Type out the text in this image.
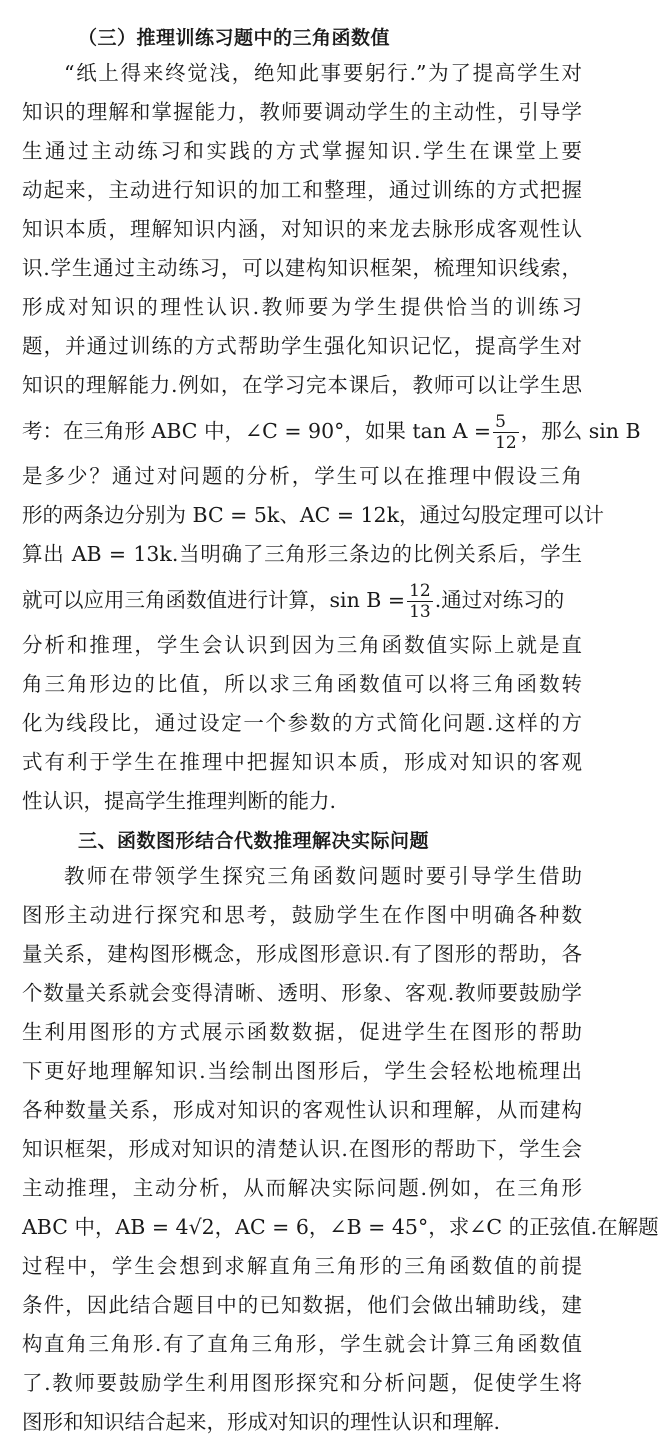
（三）推理训练习题中的三角函数值
“纸上得来终觉浅，绝知此事要躬行.”为了提高学生对
知识的理解和掌握能力，教师要调动学生的主动性，引导学
生通过主动练习和实践的方式掌握知识.学生在课堂上要
动起来，主动进行知识的加工和整理，通过训练的方式把握
知识本质，理解知识内涵，对知识的来龙去脉形成客观性认
识.学生通过主动练习，可以建构知识框架，梳理知识线索，
形成对知识的理性认识.教师要为学生提供恰当的训练习
题，并通过训练的方式帮助学生强化知识记忆，提高学生对
知识的理解能力.例如，在学习完本课后，教师可以让学生思
考：在三角形 ABC 中，∠C = 90°，如果 $\tan A = \frac{5}{12}$ ，那么 sin B
是多少？通过对问题的分析，学生可以在推理中假设三角
形的两条边分别为 BC = 5k、AC = 12k，通过勾股定理可以计
算出 AB = 13k.当明确了三角形三条边的比例关系后，学生
就可以应用三角函数值进行计算，$\sin B = \frac{12}{13}$ .通过对练习的
分析和推理，学生会认识到因为三角函数值实际上就是直
角三角形边的比值，所以求三角函数值可以将三角函数转
化为线段比，通过设定一个参数的方式简化问题.这样的方
式有利于学生在推理中把握知识本质，形成对知识的客观
性认识，提高学生推理判断的能力.
三、函数图形结合代数推理解决实际问题
教师在带领学生探究三角函数问题时要引导学生借助
图形主动进行探究和思考，鼓励学生在作图中明确各种数
量关系，建构图形概念，形成图形意识.有了图形的帮助，各
个数量关系就会变得清晰、透明、形象、客观.教师要鼓励学
生利用图形的方式展示函数数据，促进学生在图形的帮助
下更好地理解知识.当绘制出图形后，学生会轻松地梳理出
各种数量关系，形成对知识的客观性认识和理解，从而建构
知识框架，形成对知识的清楚认识.在图形的帮助下，学生会
主动推理，主动分析，从而解决实际问题.例如，在三角形
ABC 中，AB = 4√2，AC = 6，∠B = 45°，求∠C 的正弦值.在解题
过程中，学生会想到求解直角三角形的三角函数值的前提
条件，因此结合题目中的已知数据，他们会做出辅助线，建
构直角三角形.有了直角三角形，学生就会计算三角函数值
了.教师要鼓励学生利用图形探究和分析问题，促使学生将
图形和知识结合起来，形成对知识的理性认识和理解.
